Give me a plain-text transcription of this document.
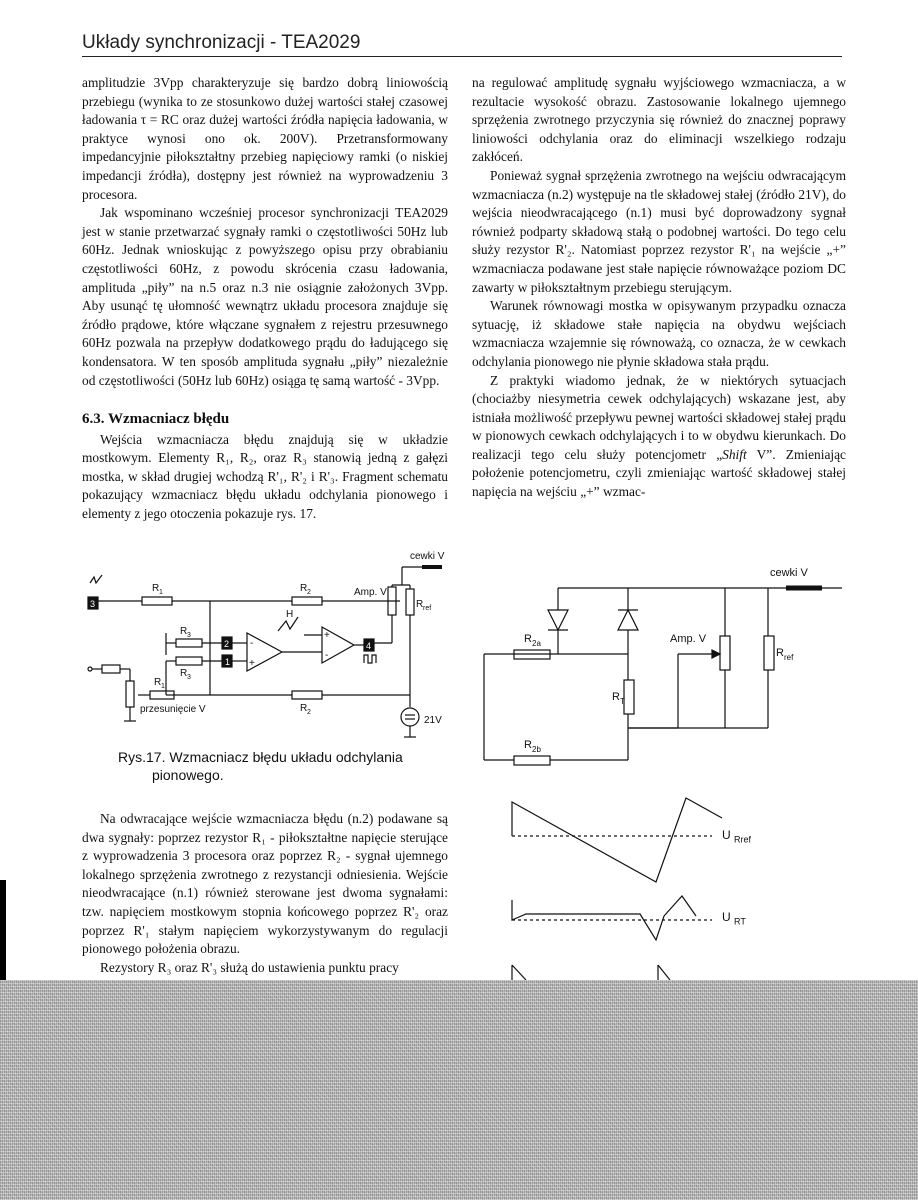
Układy synchronizacji - TEA2029

amplitudzie 3Vpp charakteryzuje się bardzo dobrą liniowością przebiegu (wynika to ze stosunkowo dużej wartości stałej czasowej ładowania τ = RC oraz dużej wartości źródła napięcia ładowania, w praktyce wynosi ono ok. 200V). Przetransformowany impedancyjnie piłokształtny przebieg napięciowy ramki (o niskiej impedancji źródła), dostępny jest również na wyprowadzeniu 3 procesora.

Jak wspominano wcześniej procesor synchronizacji TEA2029 jest w stanie przetwarzać sygnały ramki o częstotliwości 50Hz lub 60Hz. Jednak wnioskując z powyższego opisu przy obrabianiu częstotliwości 60Hz, z powodu skrócenia czasu ładowania, amplituda „piły” na n.5 oraz n.3 nie osiągnie założonych 3Vpp. Aby usunąć tę ułomność wewnątrz układu procesora znajduje się źródło prądowe, które włączane sygnałem z rejestru przesuwnego 60Hz pozwala na przepływ dodatkowego prądu do ładującego się kondensatora. W ten sposób amplituda sygnału „piły” niezależnie od częstotliwości (50Hz lub 60Hz) osiąga tę samą wartość - 3Vpp.

6.3. Wzmacniacz błędu

Wejścia wzmacniacza błędu znajdują się w układzie mostkowym. Elementy R₁, R₂, oraz R₃ stanowią jedną z gałęzi mostka, w skład drugiej wchodzą R'₁, R'₂ i R'₃. Fragment schematu pokazujący wzmacniacz błędu układu odchylania pionowego i elementy z jego otoczenia pokazuje rys. 17.

na regulować amplitudę sygnału wyjściowego wzmacniacza, a w rezultacie wysokość obrazu. Zastosowanie lokalnego ujemnego sprzężenia zwrotnego przyczynia się również do znacznej poprawy liniowości odchylania oraz do eliminacji wszelkiego rodzaju zakłóceń.

Ponieważ sygnał sprzężenia zwrotnego na wejściu odwracającym wzmacniacza (n.2) występuje na tle składowej stałej (źródło 21V), do wejścia nieodwracającego (n.1) musi być doprowadzony sygnał również podparty składową stałą o podobnej wartości. Do tego celu służy rezystor R'₂. Natomiast poprzez rezystor R'₁ na wejście „+” wzmacniacza podawane jest stałe napięcie równoważące poziom DC zawarty w piłokształtnym przebiegu sterującym.

Warunek równowagi mostka w opisywanym przypadku oznacza sytuację, iż składowe stałe napięcia na obydwu wejściach wzmacniacza wzajemnie się równoważą, co oznacza, że w cewkach odchylania pionowego nie płynie składowa stała prądu.

Z praktyki wiadomo jednak, że w niektórych sytuacjach (chociażby niesymetria cewek odchylających) wskazane jest, aby istniała możliwość przepływu pewnej wartości składowej stałej prądu w pionowych cewkach odchylających i to w obydwu kierunkach. Do realizacji tego celu służy potencjometr „Shift V”. Zmieniając położenie potencjometru, czyli zmieniając wartość składowej stałej napięcia na wejściu „+” wzmac-

cewki V
3
R 1	R 2	Amp. V
R ref
R 3
2
R 3
1
-
+
+
-
H
4
R 1
przesunięcie V	R 2
21V
Rys.17. Wzmacniacz błędu układu odchylania
pionowego.
cewki V
R 2a	Amp. V
R ref
R T
R 2b
U $_{Rref}$
U $_{RT}$

Na odwracające wejście wzmacniacza błędu (n.2) podawane są dwa sygnały: poprzez rezystor R₁ - piłokształtne napięcie sterujące z wyprowadzenia 3 procesora oraz poprzez R₂ - sygnał ujemnego lokalnego sprzężenia zwrotnego z rezystancji odniesienia. Wejście nieodwracające (n.1) również sterowane jest dwoma sygnałami: tzw. napięciem mostkowym stopnia końcowego poprzez R'₂ oraz poprzez R'₁ stałym napięciem wykorzystywanym do regulacji pionowego położenia obrazu.

Rezystory R₃ oraz R'₃ służą do ustawienia punktu pracy
